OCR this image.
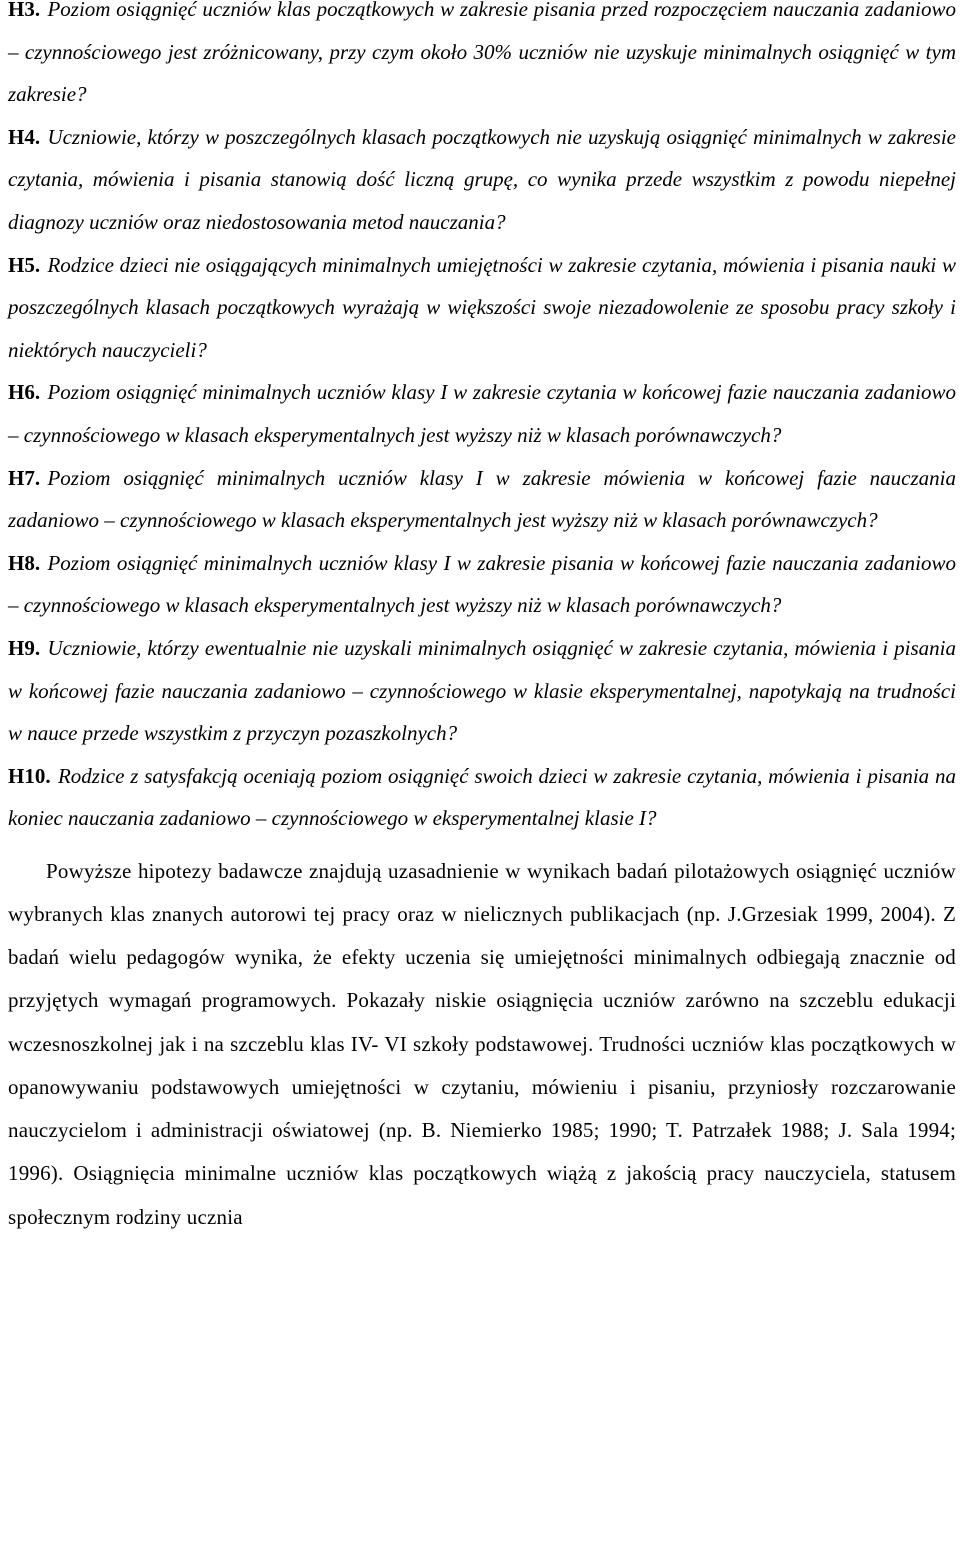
H3. Poziom osiągnięć uczniów klas początkowych w zakresie pisania przed rozpoczęciem nauczania zadaniowo – czynnościowego jest zróżnicowany, przy czym około 30% uczniów nie uzyskuje minimalnych osiągnięć w tym zakresie?

H4. Uczniowie, którzy w poszczególnych klasach początkowych nie uzyskują osiągnięć minimalnych w zakresie czytania, mówienia i pisania stanowią dość liczną grupę, co wynika przede wszystkim z powodu niepełnej diagnozy uczniów oraz niedostosowania metod nauczania?

H5. Rodzice dzieci nie osiągających minimalnych umiejętności w zakresie czytania, mówienia i pisania nauki w poszczególnych klasach początkowych wyrażają w większości swoje niezadowolenie ze sposobu pracy szkoły i niektórych nauczycieli?

H6. Poziom osiągnięć minimalnych uczniów klasy I w zakresie czytania w końcowej fazie nauczania zadaniowo – czynnościowego w klasach eksperymentalnych jest wyższy niż w klasach porównawczych?

H7. Poziom osiągnięć minimalnych uczniów klasy I w zakresie mówienia w końcowej fazie nauczania zadaniowo – czynnościowego w klasach eksperymentalnych jest wyższy niż w klasach porównawczych?

H8. Poziom osiągnięć minimalnych uczniów klasy I w zakresie pisania w końcowej fazie nauczania zadaniowo – czynnościowego w klasach eksperymentalnych jest wyższy niż w klasach porównawczych?

H9. Uczniowie, którzy ewentualnie nie uzyskali minimalnych osiągnięć w zakresie czytania, mówienia i pisania w końcowej fazie nauczania zadaniowo – czynnościowego w klasie eksperymentalnej, napotykają na trudności w nauce przede wszystkim z przyczyn pozaszkolnych?

H10. Rodzice z satysfakcją oceniają poziom osiągnięć swoich dzieci w zakresie czytania, mówienia i pisania na koniec nauczania zadaniowo – czynnościowego w eksperymentalnej klasie I?

Powyższe hipotezy badawcze znajdują uzasadnienie w wynikach badań pilotażowych osiągnięć uczniów wybranych klas znanych autorowi tej pracy oraz w nielicznych publikacjach (np. J.Grzesiak 1999, 2004). Z badań wielu pedagogów wynika, że efekty uczenia się umiejętności minimalnych odbiegają znacznie od przyjętych wymagań programowych. Pokazały niskie osiągnięcia uczniów zarówno na szczeblu edukacji wczesnoszkolnej jak i na szczeblu klas IV- VI szkoły podstawowej. Trudności uczniów klas początkowych w opanowywaniu podstawowych umiejętności w czytaniu, mówieniu i pisaniu, przyniosły rozczarowanie nauczycielom i administracji oświatowej (np. B. Niemierko 1985; 1990; T. Patrzałek 1988; J. Sala 1994; 1996). Osiągnięcia minimalne uczniów klas początkowych wiążą z jakością pracy nauczyciela, statusem społecznym rodziny ucznia
